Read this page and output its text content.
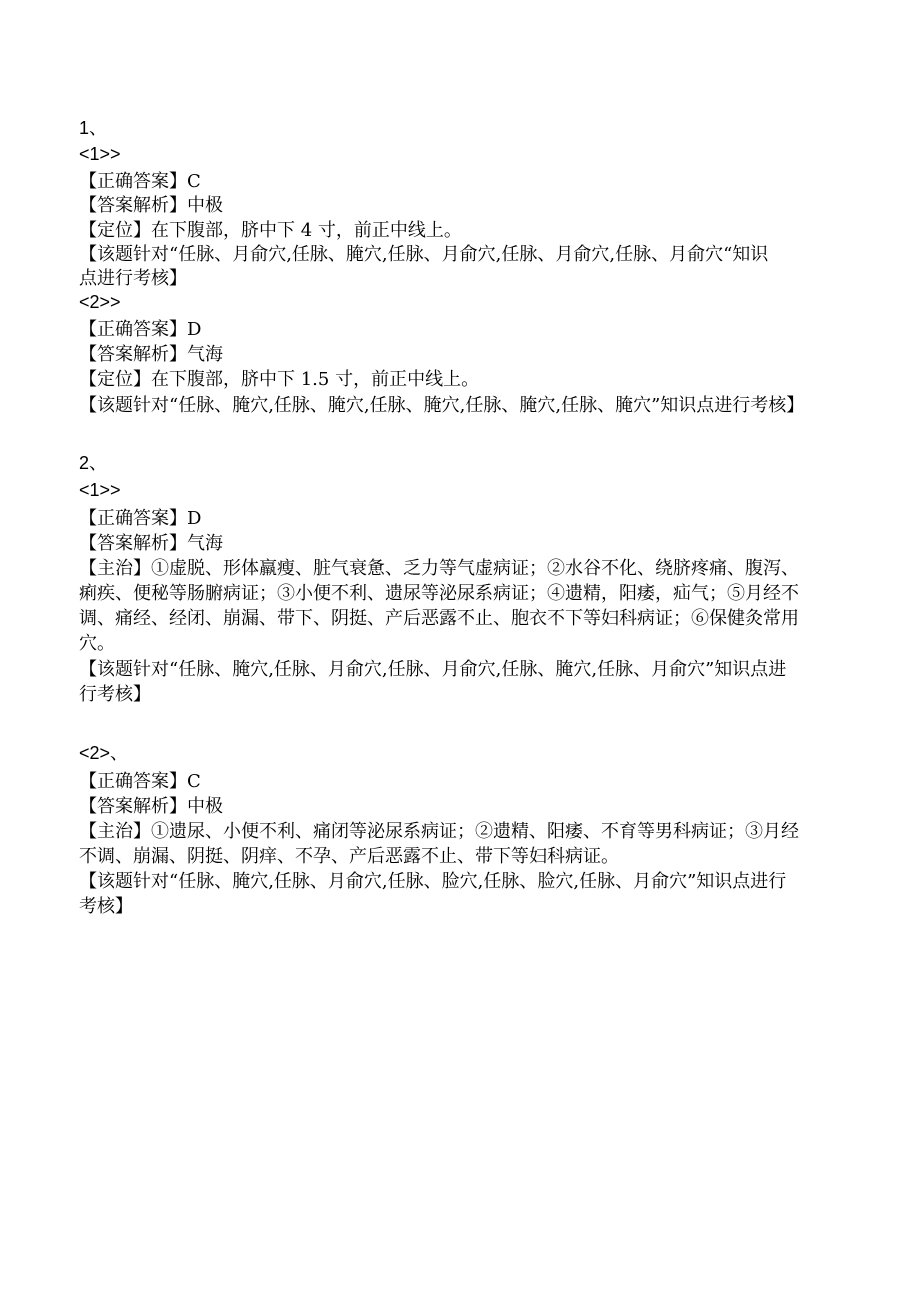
1、
<1>>
【正确答案】C
【答案解析】中极
【定位】在下腹部，脐中下 4 寸，前正中线上。
【该题针对“任脉、月俞穴,任脉、腌穴,任脉、月俞穴,任脉、月俞穴,任脉、月俞穴“知识
点进行考核】
<2>>
【正确答案】D
【答案解析】气海
【定位】在下腹部，脐中下 1.5 寸，前正中线上。
【该题针对“任脉、腌穴,任脉、腌穴,任脉、腌穴,任脉、腌穴,任脉、腌穴”知识点进行考核】
2、
<1>>
【正确答案】D
【答案解析】气海
【主治】①虚脱、形体羸瘦、脏气衰惫、乏力等气虚病证；②水谷不化、绕脐疼痛、腹泻、
痢疾、便秘等肠腑病证；③小便不利、遗尿等泌尿系病证；④遗精，阳痿，疝气；⑤月经不
调、痛经、经闭、崩漏、带下、阴挺、产后恶露不止、胞衣不下等妇科病证；⑥保健灸常用
穴。
【该题针对“任脉、腌穴,任脉、月俞穴,任脉、月俞穴,任脉、腌穴,任脉、月俞穴”知识点进
行考核】
<2>、
【正确答案】C
【答案解析】中极
【主治】①遗尿、小便不利、痛闭等泌尿系病证；②遗精、阳痿、不育等男科病证；③月经
不调、崩漏、阴挺、阴痒、不孕、产后恶露不止、带下等妇科病证。
【该题针对“任脉、腌穴,任脉、月俞穴,任脉、脸穴,任脉、脸穴,任脉、月俞穴”知识点进行
考核】
